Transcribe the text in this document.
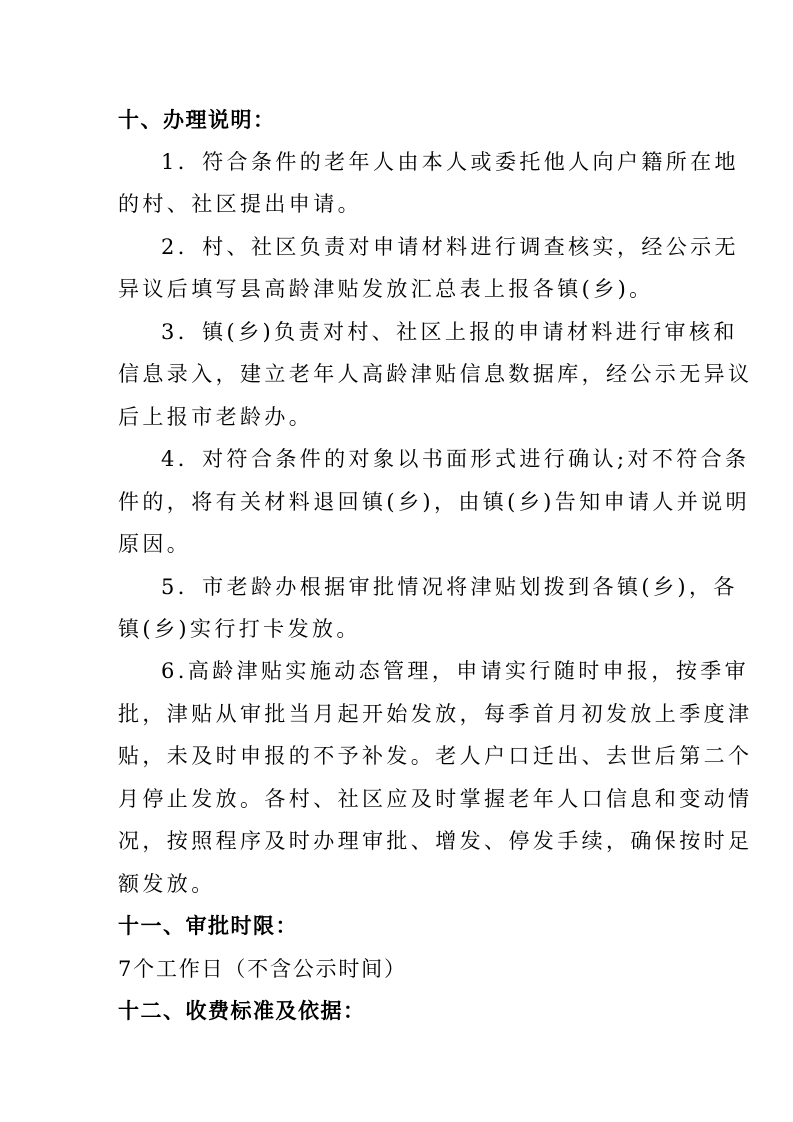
十、办理说明：
1．符合条件的老年人由本人或委托他人向户籍所在地
的村、社区提出申请。
2．村、社区负责对申请材料进行调查核实，经公示无
异议后填写县高龄津贴发放汇总表上报各镇(乡)。
3．镇(乡)负责对村、社区上报的申请材料进行审核和
信息录入，建立老年人高龄津贴信息数据库，经公示无异议
后上报市老龄办。
4．对符合条件的对象以书面形式进行确认;对不符合条
件的，将有关材料退回镇(乡)，由镇(乡)告知申请人并说明
原因。
5．市老龄办根据审批情况将津贴划拨到各镇(乡)，各
镇(乡)实行打卡发放。
6.高龄津贴实施动态管理，申请实行随时申报，按季审
批，津贴从审批当月起开始发放，每季首月初发放上季度津
贴，未及时申报的不予补发。老人户口迁出、去世后第二个
月停止发放。各村、社区应及时掌握老年人口信息和变动情
况，按照程序及时办理审批、增发、停发手续，确保按时足
额发放。
十一、审批时限：
7个工作日（不含公示时间）
十二、收费标准及依据：
